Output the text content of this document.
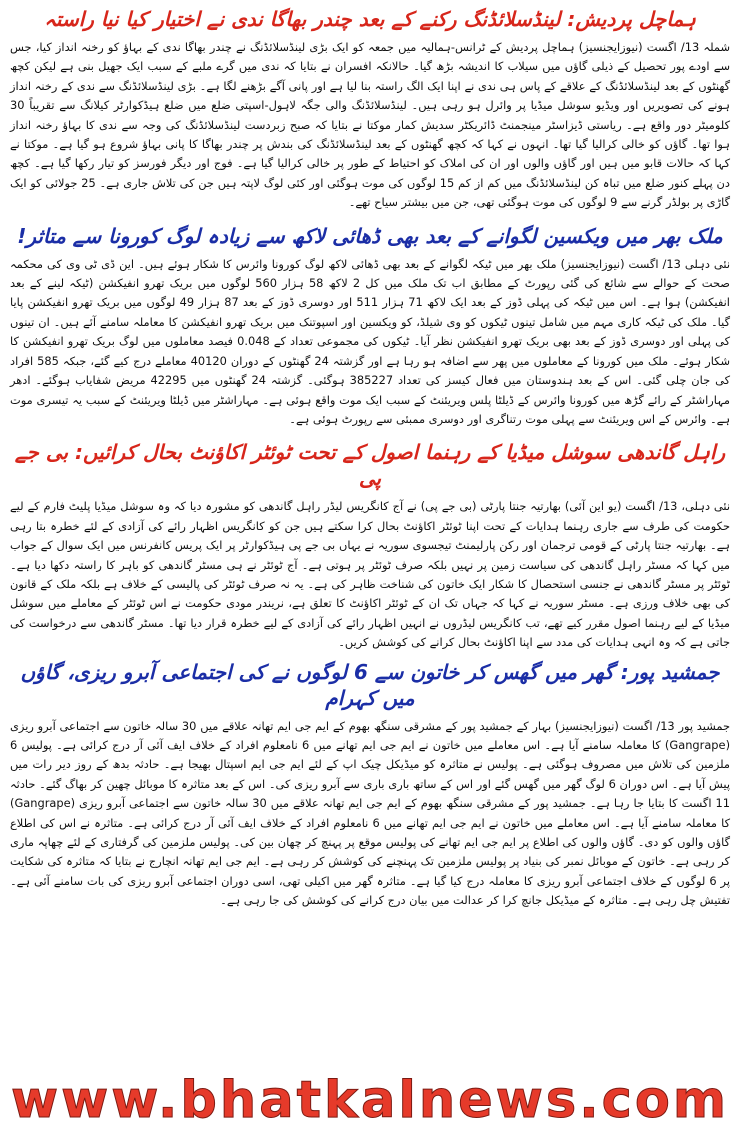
ہماچل پردیش: لینڈسلائڈنگ رکنے کے بعد چندر بھاگا ندی نے اختیار کیا نیا راستہ

شملہ 13/ اگست (نیوزایجنسیز) ہماچل پردیش کے ٹرانس-ہمالیہ میں جمعہ کو ایک بڑی لینڈسلائڈنگ نے چندر بھاگا ندی کے بہاؤ کو رخنہ انداز کیا، جس سے اودے پور تحصیل کے ذیلی گاؤں میں سیلاب کا اندیشہ بڑھ گیا۔ حالانکہ افسران نے بتایا کہ ندی میں گرے ملبے کے سبب ایک جھیل بنی ہے لیکن کچھ گھنٹوں کے بعد لینڈسلائڈنگ کے علاقے کے پاس ہی ندی نے اپنا ایک الگ راستہ بنا لیا ہے اور پانی آگے بڑھنے لگا ہے۔ بڑی لینڈسلائڈنگ سے ندی کے رخنہ انداز ہونے کی تصویریں اور ویڈیو سوشل میڈیا پر وائرل ہو رہی ہیں۔ لینڈسلائڈنگ والی جگہ لاہول-اسپتی ضلع میں ضلع ہیڈکوارٹر کیلانگ سے تقریباً 30 کلومیٹر دور واقع ہے۔ ریاستی ڈیزاسٹر مینجمنٹ ڈائریکٹر سدیش کمار موکتا نے بتایا کہ صبح زبردست لینڈسلائڈنگ کی وجہ سے ندی کا بہاؤ رخنہ انداز ہوا تھا۔ گاؤں کو خالی کرالیا گیا تھا۔ انہوں نے کہا کہ کچھ گھنٹوں کے بعد لینڈسلائڈنگ کی بندش پر چندر بھاگا کا پانی بہاؤ شروع ہو گیا ہے۔ موکتا نے کہا کہ حالات قابو میں ہیں اور گاؤں والوں اور ان کی املاک کو احتیاط کے طور پر خالی کرالیا گیا ہے۔ فوج اور دیگر فورسز کو تیار رکھا گیا ہے۔ کچھ دن پہلے کنور ضلع میں تباہ کن لینڈسلائڈنگ میں کم از کم 15 لوگوں کی موت ہوگئی اور کئی لوگ لاپتہ ہیں جن کی تلاش جاری ہے۔ 25 جولائی کو ایک گاڑی پر بولڈر گرنے سے 9 لوگوں کی موت ہوگئی تھی، جن میں بیشتر سیاح تھے۔

ملک بھر میں ویکسین لگوانے کے بعد بھی ڈھائی لاکھ سے زیادہ لوگ کورونا سے متاثر!

نئی دہلی 13/ اگست (نیوزایجنسیز) ملک بھر میں ٹیکہ لگوانے کے بعد بھی ڈھائی لاکھ لوگ کورونا وائرس کا شکار ہوئے ہیں۔ این ڈی ٹی وی کی محکمہ صحت کے حوالے سے شائع کی گئی رپورٹ کے مطابق اب تک ملک میں کل 2 لاکھ 58 ہزار 560 لوگوں میں بریک تھرو انفیکشن (ٹیکہ لینے کے بعد انفیکشن) ہوا ہے۔ اس میں ٹیکہ کی پہلی ڈوز کے بعد ایک لاکھ 71 ہزار 511 اور دوسری ڈوز کے بعد 87 ہزار 49 لوگوں میں بریک تھرو انفیکشن پایا گیا۔ ملک کی ٹیکہ کاری مہم میں شامل تینوں ٹیکوں کو وی شیلڈ، کو ویکسین اور اسپوتنک میں بریک تھرو انفیکشن کا معاملہ سامنے آئے ہیں۔ ان تینوں کی پہلی اور دوسری ڈوز کے بعد بھی بریک تھرو انفیکشن نظر آیا۔ ٹیکوں کی مجموعی تعداد کے 0.048 فیصد معاملوں میں لوگ بریک تھرو انفیکشن کا شکار ہوئے۔ ملک میں کورونا کے معاملوں میں پھر سے اضافہ ہو رہا ہے اور گزشتہ 24 گھنٹوں کے دوران 40120 معاملے درج کیے گئے، جبکہ 585 افراد کی جان چلی گئی۔ اس کے بعد ہندوستان میں فعال کیسز کی تعداد 385227 ہوگئی۔ گزشتہ 24 گھنٹوں میں 42295 مریض شفایاب ہوگئے۔ ادھر مہاراشٹر کے رائے گڑھ میں کورونا وائرس کے ڈیلٹا پلس ویریئنٹ کے سبب ایک موت واقع ہوئی ہے۔ مہاراشٹر میں ڈیلٹا ویریئنٹ کے سبب یہ تیسری موت ہے۔ وائرس کے اس ویریئنٹ سے پہلی موت رتناگری اور دوسری ممبئی سے رپورٹ ہوئی ہے۔

راہل گاندھی سوشل میڈیا کے رہنما اصول کے تحت ٹوئٹر اکاؤنٹ بحال کرائیں: بی جے پی

نئی دہلی، 13/ اگست (یو این آئی) بھارتیہ جنتا پارٹی (بی جے پی) نے آج کانگریس لیڈر راہل گاندھی کو مشورہ دیا کہ وہ سوشل میڈیا پلیٹ فارم کے لیے حکومت کی طرف سے جاری رہنما ہدایات کے تحت اپنا ٹوئٹر اکاؤنٹ بحال کرا سکتے ہیں جن کو کانگریس اظہار رائے کی آزادی کے لئے خطرہ بتا رہی ہے۔ بھارتیہ جنتا پارٹی کے قومی ترجمان اور رکن پارلیمنٹ تیجسوی سوریہ نے یہاں بی جے پی ہیڈکوارٹر پر ایک پریس کانفرنس میں ایک سوال کے جواب میں کہا کہ مسٹر راہل گاندھی کی سیاست زمین پر نہیں بلکہ صرف ٹوئٹر پر ہوتی ہے۔ آج ٹوئٹر نے ہی مسٹر گاندھی کو باہر کا راستہ دکھا دیا ہے۔ ٹوئٹر پر مسٹر گاندھی نے جنسی استحصال کا شکار ایک خاتون کی شناخت ظاہر کی ہے۔ یہ نہ صرف ٹوئٹر کی پالیسی کے خلاف ہے بلکہ ملک کے قانون کی بھی خلاف ورزی ہے۔ مسٹر سوریہ نے کہا کہ جہاں تک ان کے ٹوئٹر اکاؤنٹ کا تعلق ہے، نریندر مودی حکومت نے اس ٹوئٹر کے معاملے میں سوشل میڈیا کے لیے رہنما اصول مقرر کیے تھے، تب کانگریس لیڈروں نے انہیں اظہار رائے کی آزادی کے لیے خطرہ قرار دیا تھا۔ مسٹر گاندھی سے درخواست کی جاتی ہے کہ وہ انہی ہدایات کی مدد سے اپنا اکاؤنٹ بحال کرانے کی کوشش کریں۔

جمشید پور: گھر میں گھس کر خاتون سے 6 لوگوں نے کی اجتماعی آبرو ریزی، گاؤں میں کہرام

جمشید پور 13/ اگست (نیوزایجنسیز) بہار کے جمشید پور کے مشرقی سنگھ بھوم کے ایم جی ایم تھانہ علاقے میں 30 سالہ خاتون سے اجتماعی آبرو ریزی (Gangrape) کا معاملہ سامنے آیا ہے۔ اس معاملے میں خاتون نے ایم جی ایم تھانے میں 6 نامعلوم افراد کے خلاف ایف آئی آر درج کرائی ہے۔ پولیس 6 ملزمین کی تلاش میں مصروف ہوگئی ہے۔ پولیس نے متاثرہ کو میڈیکل چیک اپ کے لئے ایم جی ایم اسپتال بھیجا ہے۔ حادثہ بدھ کے روز دیر رات میں پیش آیا ہے۔ اس دوران 6 لوگ گھر میں گھس گئے اور اس کے ساتھ باری باری سے آبرو ریزی کی۔ اس کے بعد متاثرہ کا موبائل چھین کر بھاگ گئے۔ حادثہ 11 اگست کا بتایا جا رہا ہے۔ جمشید پور کے مشرقی سنگھ بھوم کے ایم جی ایم تھانہ علاقے میں 30 سالہ خاتون سے اجتماعی آبرو ریزی (Gangrape) کا معاملہ سامنے آیا ہے۔ اس معاملے میں خاتون نے ایم جی ایم تھانے میں 6 نامعلوم افراد کے خلاف ایف آئی آر درج کرائی ہے۔ متاثرہ نے اس کی اطلاع گاؤں والوں کو دی۔ گاؤں والوں کی اطلاع پر ایم جی ایم تھانے کی پولیس موقع پر پہنچ کر چھان بین کی۔ پولیس ملزمین کی گرفتاری کے لئے چھاپہ ماری کر رہی ہے۔ خاتون کے موبائل نمبر کی بنیاد پر پولیس ملزمین تک پہنچنے کی کوشش کر رہی ہے۔ ایم جی ایم تھانہ انچارج نے بتایا کہ متاثرہ کی شکایت پر 6 لوگوں کے خلاف اجتماعی آبرو ریزی کا معاملہ درج کیا گیا ہے۔ متاثرہ گھر میں اکیلی تھی، اسی دوران اجتماعی آبرو ریزی کی بات سامنے آئی ہے۔ تفتیش چل رہی ہے۔ متاثرہ کے میڈیکل جانچ کرا کر عدالت میں بیان درج کرانے کی کوشش کی جا رہی ہے۔

www.bhatkalnews.com
